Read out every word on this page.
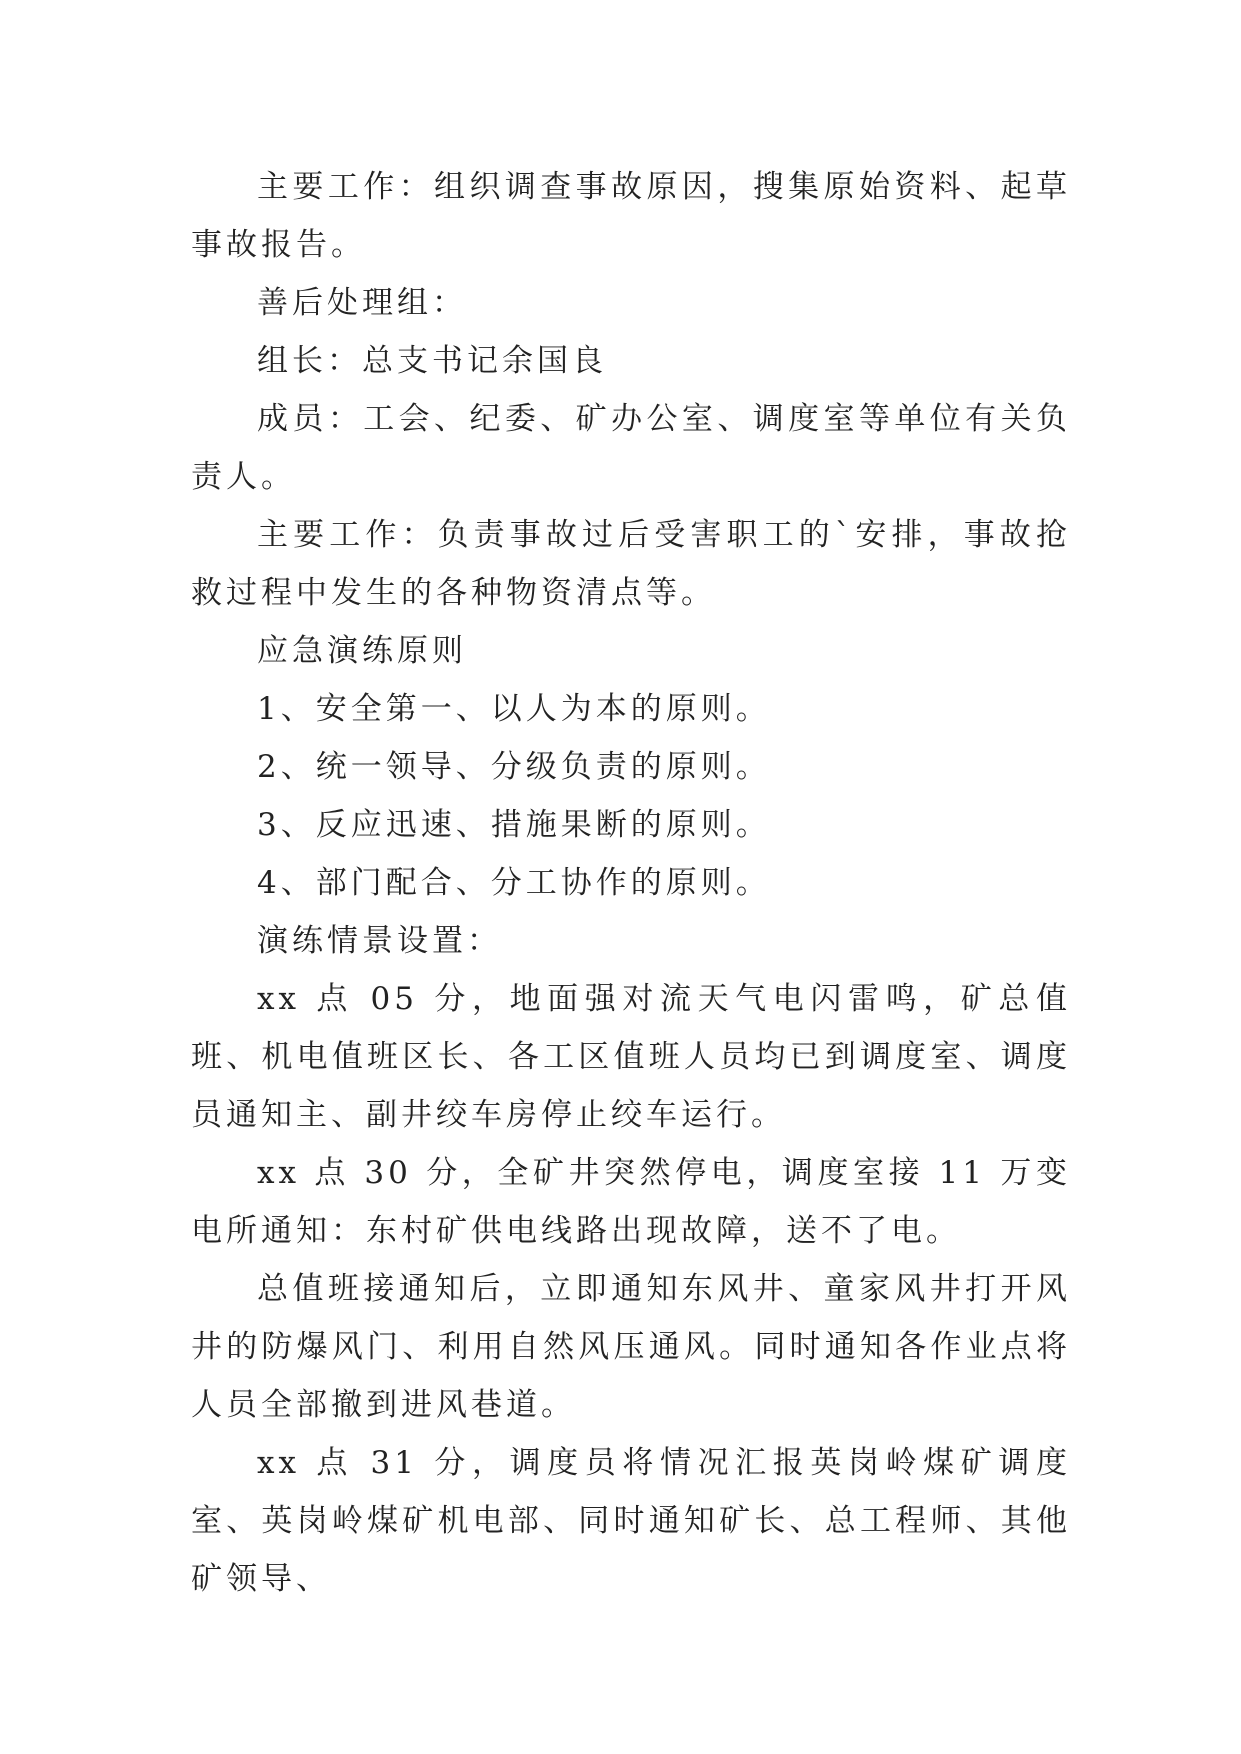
主要工作：组织调查事故原因，搜集原始资料、起草事故报告。

善后处理组：

组长：总支书记余国良

成员：工会、纪委、矿办公室、调度室等单位有关负责人。

主要工作：负责事故过后受害职工的`安排，事故抢救过程中发生的各种物资清点等。

应急演练原则

1、安全第一、以人为本的原则。

2、统一领导、分级负责的原则。

3、反应迅速、措施果断的原则。

4、部门配合、分工协作的原则。

演练情景设置：

xx 点 05 分，地面强对流天气电闪雷鸣，矿总值班、机电值班区长、各工区值班人员均已到调度室、调度员通知主、副井绞车房停止绞车运行。

xx 点 30 分，全矿井突然停电，调度室接 11 万变电所通知：东村矿供电线路出现故障，送不了电。

总值班接通知后，立即通知东风井、童家风井打开风井的防爆风门、利用自然风压通风。同时通知各作业点将人员全部撤到进风巷道。

xx 点 31 分，调度员将情况汇报英岗岭煤矿调度室、英岗岭煤矿机电部、同时通知矿长、总工程师、其他矿领导、
